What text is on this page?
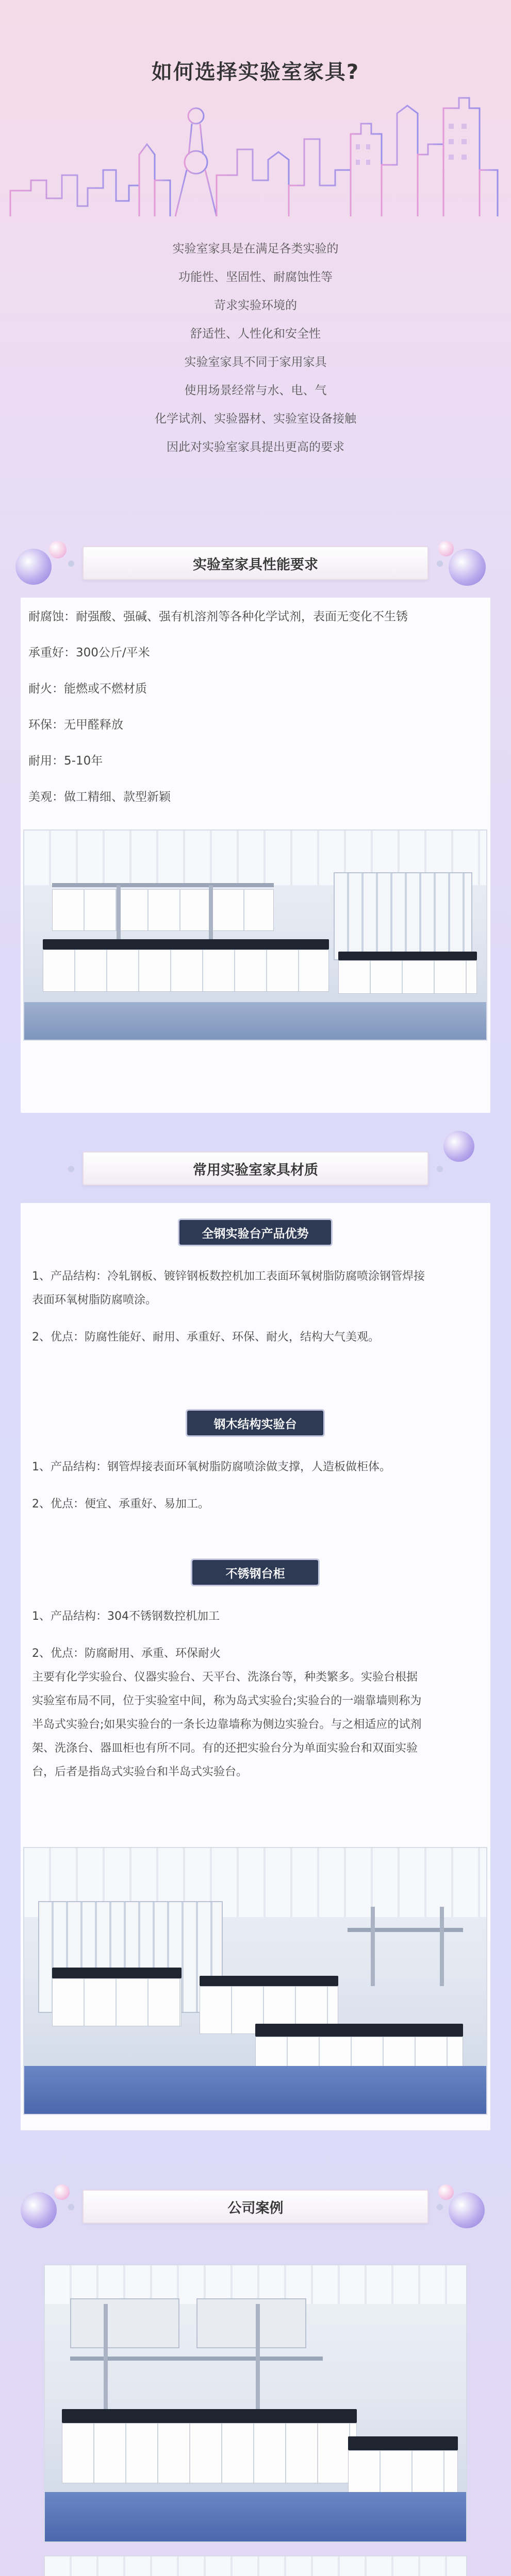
如何选择实验室家具?

实验室家具是在满足各类实验的

功能性、坚固性、耐腐蚀性等

苛求实验环境的

舒适性、人性化和安全性

实验室家具不同于家用家具

使用场景经常与水、电、气

化学试剂、实验器材、实验室设备接触

因此对实验室家具提出更高的要求

实验室家具性能要求
耐腐蚀：耐强酸、强碱、强有机溶剂等各种化学试剂，表面无变化不生锈
承重好：300公斤/平米
耐火：能燃或不燃材质
环保：无甲醛释放
耐用：5-10年
美观：做工精细、款型新颖
常用实验室家具材质
全钢实验台产品优势
1、产品结构：冷轧钢板、镀锌钢板数控机加工表面环氧树脂防腐喷涂钢管焊接
表面环氧树脂防腐喷涂。
2、优点：防腐性能好、耐用、承重好、环保、耐火，结构大气美观。
钢木结构实验台
1、产品结构：钢管焊接表面环氧树脂防腐喷涂做支撑，人造板做柜体。
2、优点：便宜、承重好、易加工。
不锈钢台柜
1、产品结构：304不锈钢数控机加工
2、优点：防腐耐用、承重、环保耐火
主要有化学实验台、仪器实验台、天平台、洗涤台等，种类繁多。实验台根据
实验室布局不同，位于实验室中间，称为岛式实验台;实验台的一端靠墙则称为
半岛式实验台;如果实验台的一条长边靠墙称为侧边实验台。与之相适应的试剂
架、洗涤台、器皿柜也有所不同。有的还把实验台分为单面实验台和双面实验
台，后者是指岛式实验台和半岛式实验台。
公司案例
